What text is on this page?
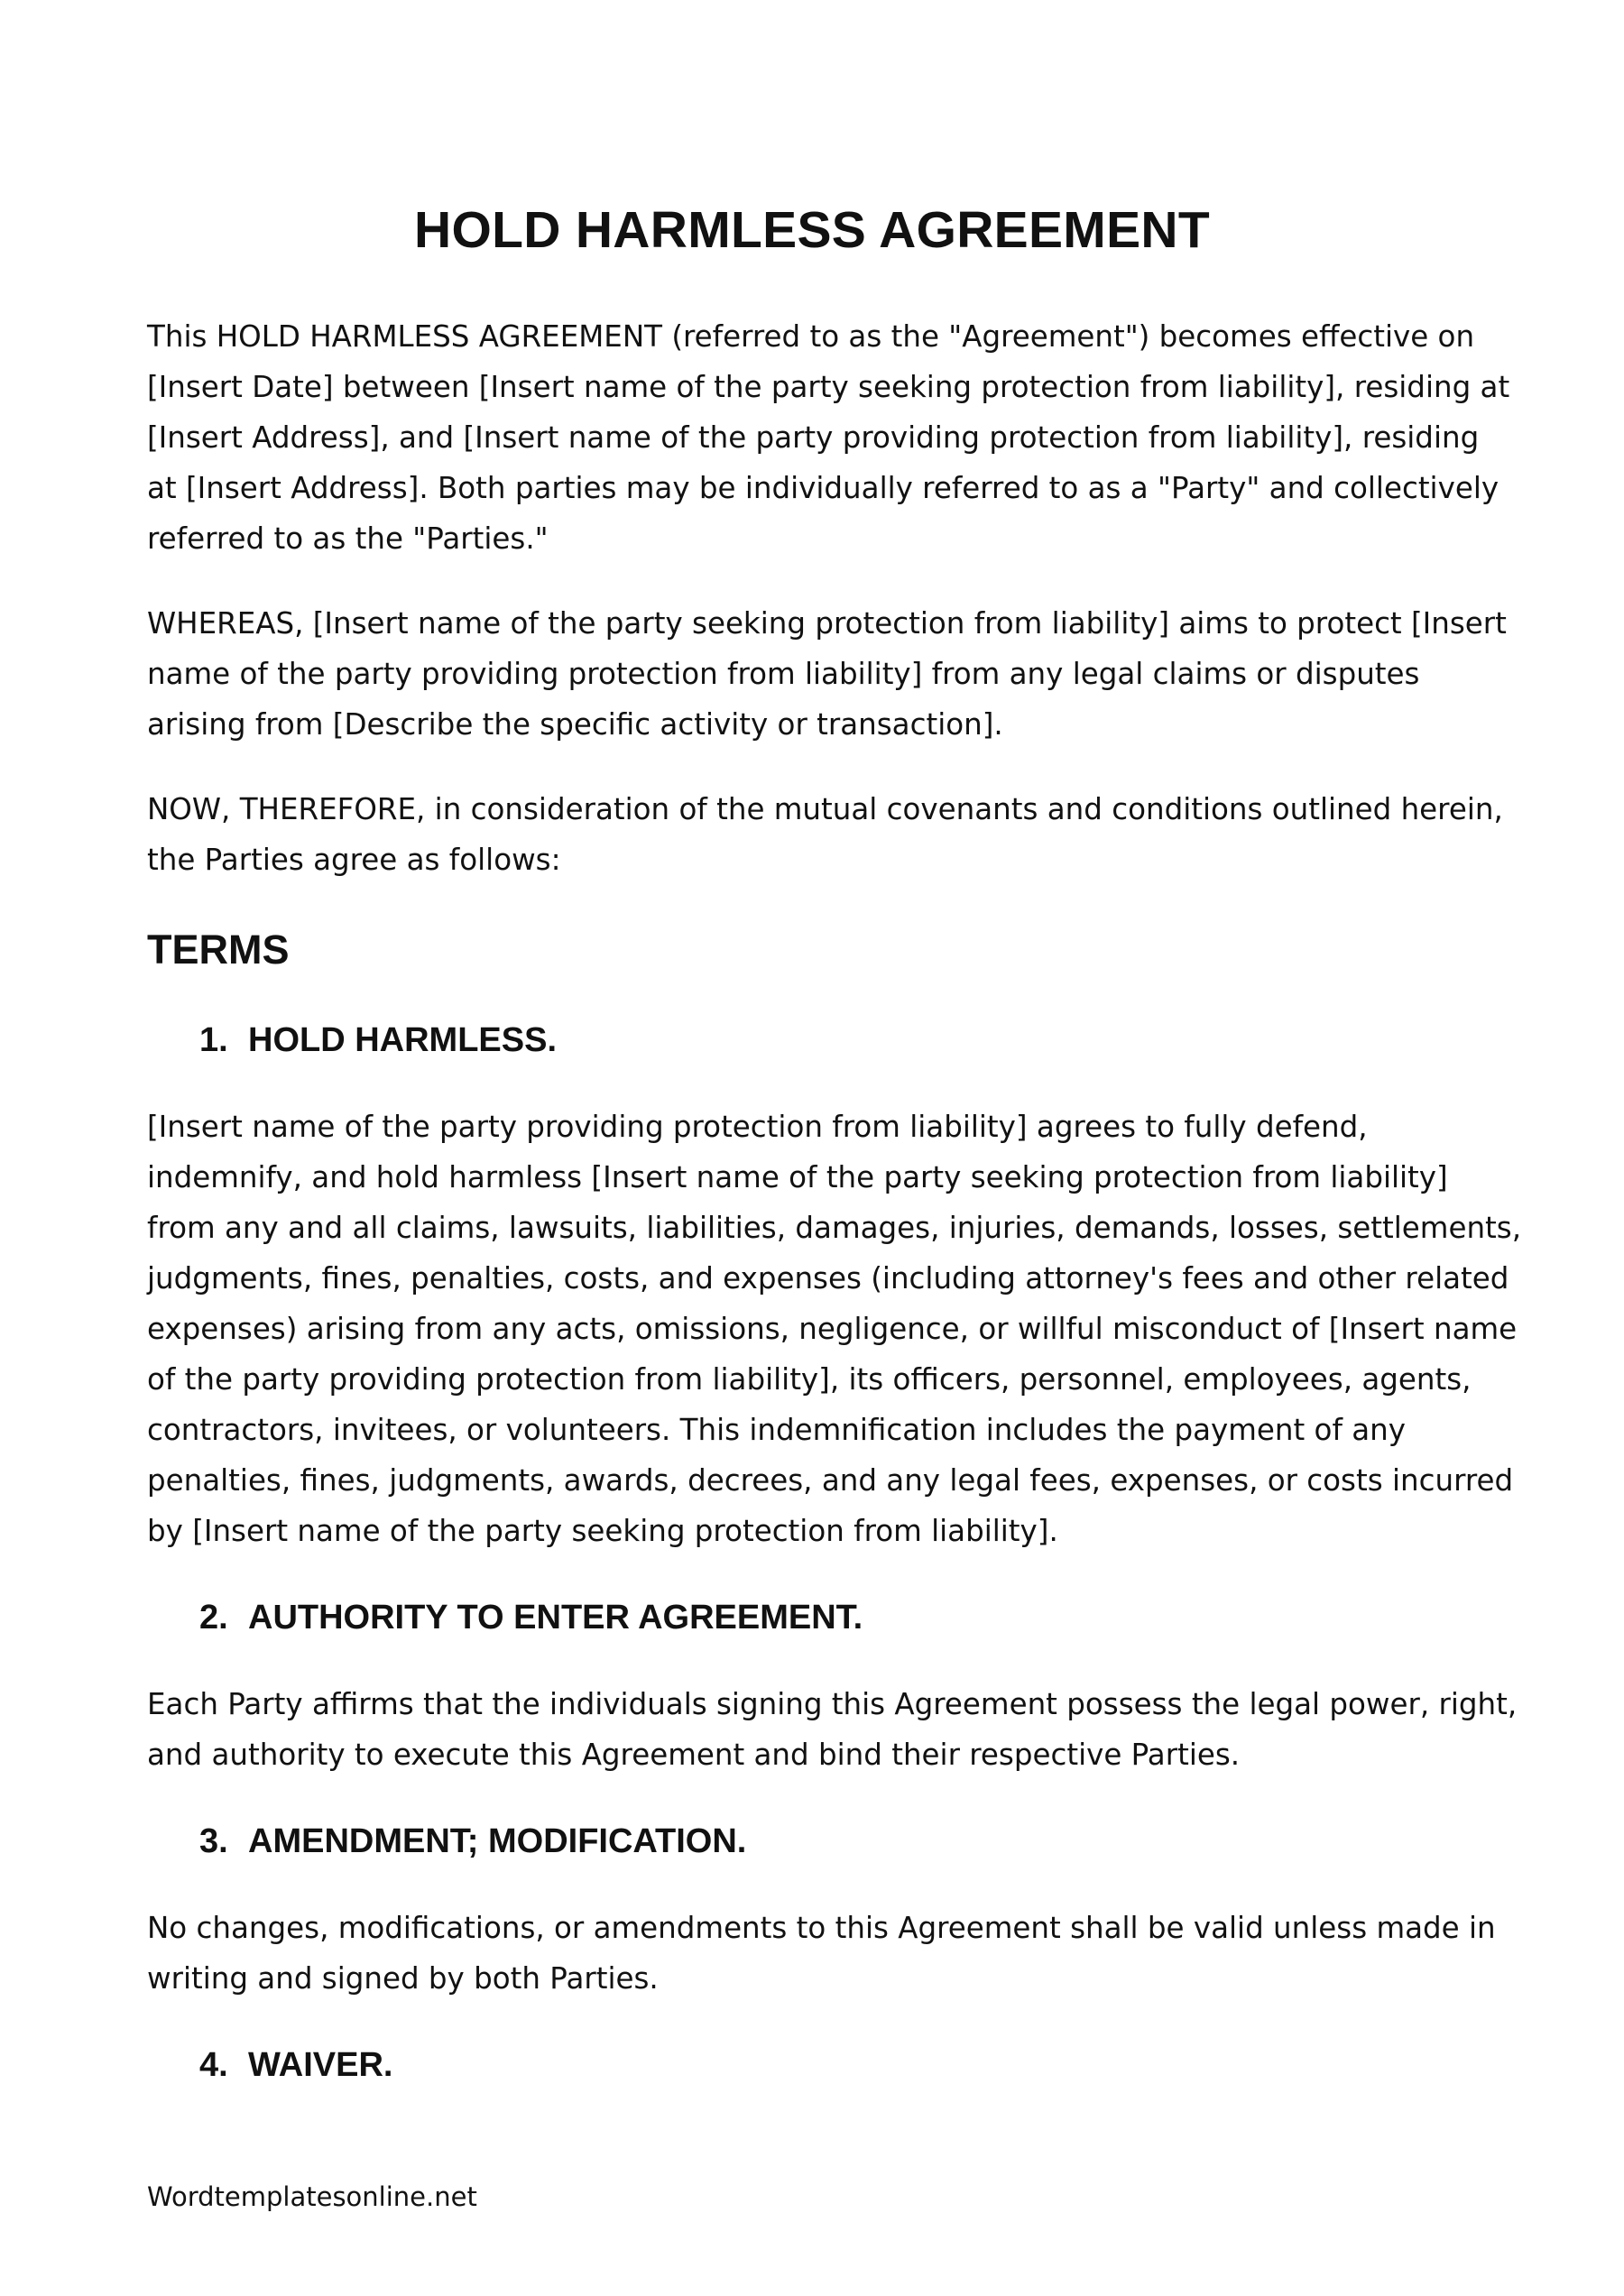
HOLD HARMLESS AGREEMENT

This HOLD HARMLESS AGREEMENT (referred to as the "Agreement") becomes effective on
[Insert Date] between [Insert name of the party seeking protection from liability], residing at
[Insert Address], and [Insert name of the party providing protection from liability], residing
at [Insert Address]. Both parties may be individually referred to as a "Party" and collectively
referred to as the "Parties."

WHEREAS, [Insert name of the party seeking protection from liability] aims to protect [Insert
name of the party providing protection from liability] from any legal claims or disputes
arising from [Describe the specific activity or transaction].

NOW, THEREFORE, in consideration of the mutual covenants and conditions outlined herein,
the Parties agree as follows:

TERMS
1. HOLD HARMLESS.

[Insert name of the party providing protection from liability] agrees to fully defend,
indemnify, and hold harmless [Insert name of the party seeking protection from liability]
from any and all claims, lawsuits, liabilities, damages, injuries, demands, losses, settlements,
judgments, fines, penalties, costs, and expenses (including attorney's fees and other related
expenses) arising from any acts, omissions, negligence, or willful misconduct of [Insert name
of the party providing protection from liability], its officers, personnel, employees, agents,
contractors, invitees, or volunteers. This indemnification includes the payment of any
penalties, fines, judgments, awards, decrees, and any legal fees, expenses, or costs incurred
by [Insert name of the party seeking protection from liability].

2. AUTHORITY TO ENTER AGREEMENT.

Each Party affirms that the individuals signing this Agreement possess the legal power, right,
and authority to execute this Agreement and bind their respective Parties.

3. AMENDMENT; MODIFICATION.

No changes, modifications, or amendments to this Agreement shall be valid unless made in
writing and signed by both Parties.

4. WAIVER.
Wordtemplatesonline.net
